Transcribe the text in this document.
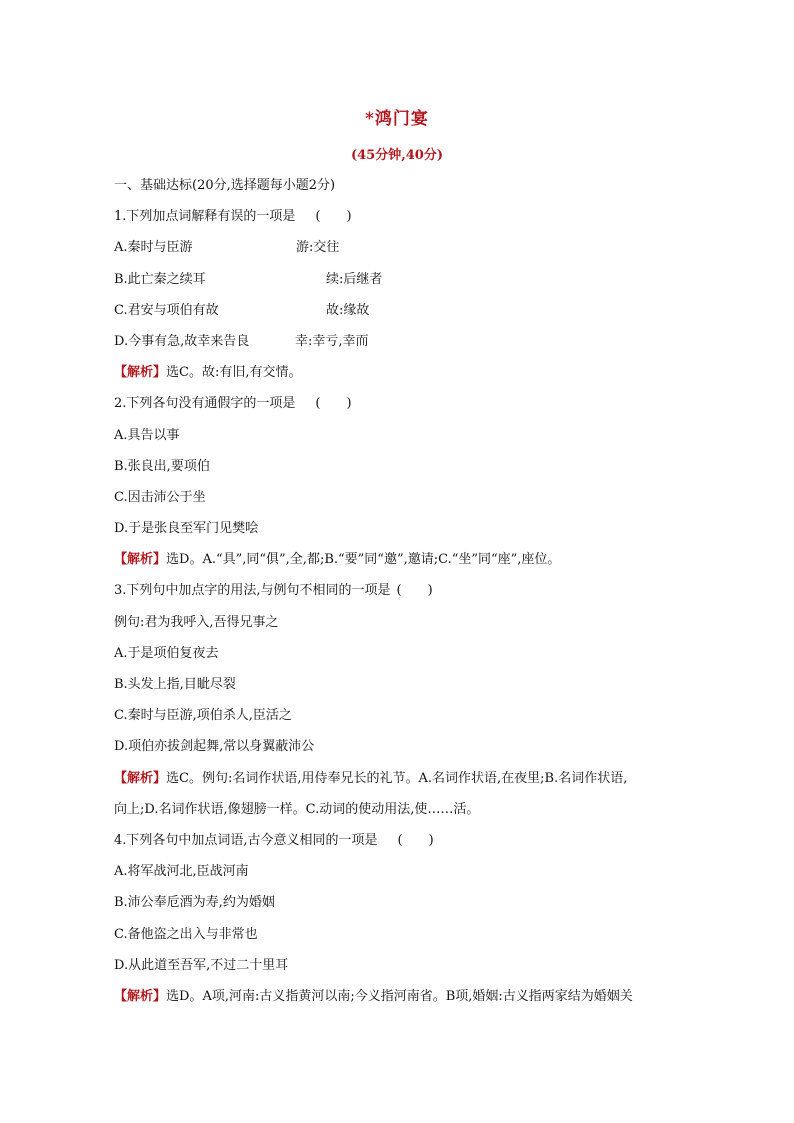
*鸿门宴
(45分钟,40分)
一、基础达标(20分,选择题每小题2分)
1.下列加点词解释有误的一项是 (　　)
A.秦时与臣游	游:交往
B.此亡秦之续耳	续:后继者
C.君安与项伯有故	故:缘故
D.今事有急,故幸来告良	幸:幸亏,幸而
【解析】选C。故:有旧,有交情。
2.下列各句没有通假字的一项是 (　　)
A.具告以事
B.张良出,要项伯
C.因击沛公于坐
D.于是张良至军门见樊哙
【解析】选D。A.“具”,同“俱”,全,都;B.“要”同“邀”,邀请;C.“坐”同“座”,座位。
3.下列句中加点字的用法,与例句不相同的一项是 (　　)
例句:君为我呼入,吾得兄事之
A.于是项伯复夜去
B.头发上指,目眦尽裂
C.秦时与臣游,项伯杀人,臣活之
D.项伯亦拔剑起舞,常以身翼蔽沛公
【解析】选C。例句:名词作状语,用侍奉兄长的礼节。A.名词作状语,在夜里;B.名词作状语,
向上;D.名词作状语,像翅膀一样。C.动词的使动用法,使……活。
4.下列各句中加点词语,古今意义相同的一项是 (　　)
A.将军战河北,臣战河南
B.沛公奉卮酒为寿,约为婚姻
C.备他盗之出入与非常也
D.从此道至吾军,不过二十里耳
【解析】选D。A项,河南:古义指黄河以南;今义指河南省。B项,婚姻:古义指两家结为婚姻关
